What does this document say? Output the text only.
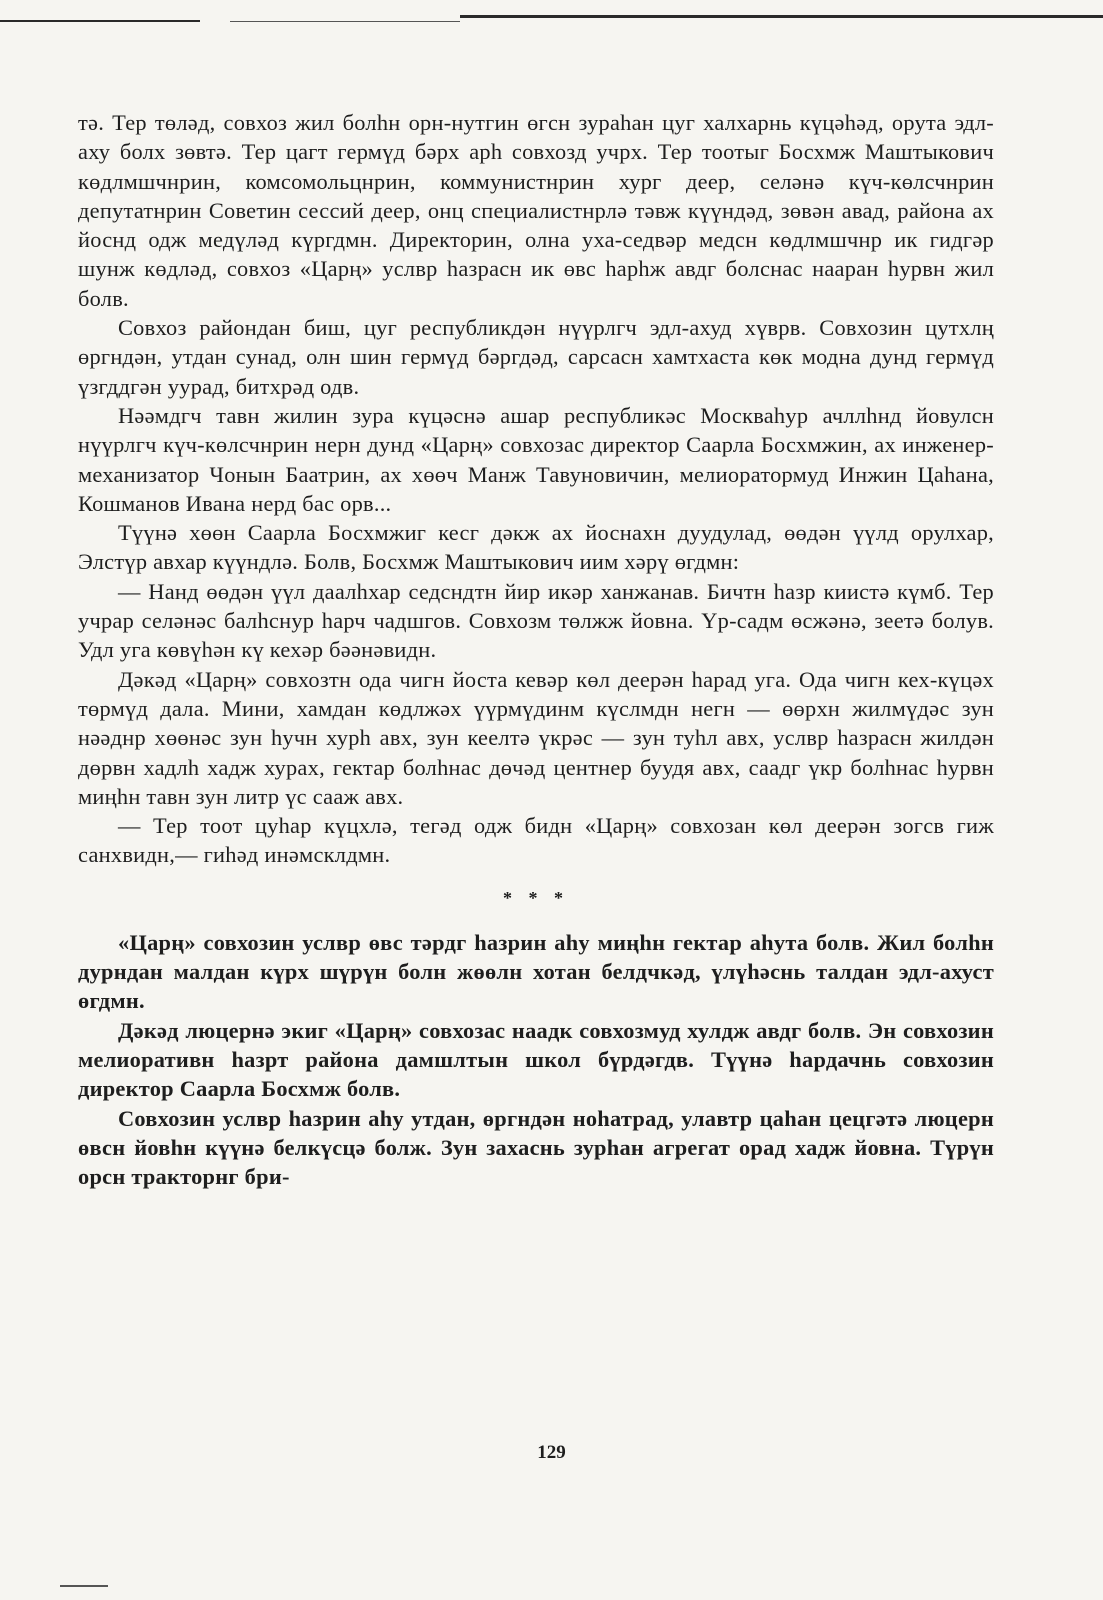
тә. Тер төләд, совхоз жил болhн орн-нутгин өгсн зураhан цуг халхарнь күцәhәд, орута эдл-аху болх зөвтә. Тер цагт гермүд бәрх арh совхозд учрх. Тер тоотыг Босхмж Маштыкович көдлмшчнрин, комсомольцнрин, коммунистнрин хург деер, селәнә күч-көлсчнрин депутатнрин Советин сессий деер, онц специалистнрлә тәвж күүндәд, зөвән авад, района ах йоснд одж медүләд күргдмн. Директорин, олна уха-седвәр медсн көдлмшчнр ик гидгәр шунж көдләд, совхоз «Царң» услвр hазрасн ик өвс hарhж авдг болснас нааран hурвн жил болв.

Совхоз райондан биш, цуг республикдән нүүрлгч эдл-ахуд хүврв. Совхозин цутхлң өргндән, утдан сунад, олн шин гермүд бәргдәд, сарсасн хамтхаста көк модна дунд гермүд үзгддгән уурад, битхрәд одв.

Нәәмдгч тавн жилин зура күцәснә ашар республикәс Москваhур ачллhнд йовулсн нүүрлгч күч-көлсчнрин нерн дунд «Царң» совхозас директор Саарла Босхмжин, ах инженер-механизатор Чонын Баатрин, ах хөөч Манж Тавуновичин, мелиоратормуд Инжин Цаhана, Кошманов Ивана нерд бас орв...

Түүнә хөөн Саарла Босхмжиг кесг дәкж ах йоснахн дуудулад, өөдән үүлд орулхар, Элстүр авхар күүндлә. Болв, Босхмж Маштыкович иим хәрү өгдмн:

— Нанд өөдән үүл даалhхар седсндтн йир икәр ханжанав. Бичтн hазр киистә күмб. Тер учрар селәнәс балhснур hарч чадшгов. Совхозм төлжж йовна. Үр-садм өсжәнә, зеетә болув. Удл уга көвүhән кү кехәр бәәнәвидн.

Дәкәд «Царң» совхозтн ода чигн йоста кевәр көл деерән hарад уга. Ода чигн кех-күцәх төрмүд дала. Мини, хамдан көдлжәх үүрмүдинм күслмдн негн — өөрхн жилмүдәс зун нәәднр хөөнәс зун hучн хурh авх, зун кеелтә үкрәс — зун туhл авх, услвр hазрасн жилдән дөрвн хадлh хадж хурах, гектар болhнас дөчәд центнер буудя авх, саадг үкр болhнас hурвн миңhн тавн зун литр үс саaж авх.

— Тер тоот цуhар күцхлә, тегәд одж бидн «Царң» совхозан көл деерән зогсв гиж санхвидн,— гиhәд инәмсклдмн.

* * *

«Царң» совхозин услвр өвс тәрдг hазрин аhу миңhн гектар аhута болв. Жил болhн дурндан малдан күрх шүрүн болн жөөлн хотан белдчкәд, үлүhәснь талдан эдл-ахуст өгдмн.

Дәкәд люцернә экиг «Царң» совхозас наадк совхозмуд хулдж авдг болв. Эн совхозин мелиоративн hазрт района дамшлтын школ бүрдәгдв. Түүнә hардачнь совхозин директор Саарла Босхмж болв.

Совхозин услвр hазрин аhу утдан, өргндән ноhатрад, улавтр цаhан цецгәтә люцерн өвсн йовhн күүнә белкүсцә болж. Зун захаснь зурhан агрегат орад хадж йовна. Түрүн орсн тракторнг бри-

129
